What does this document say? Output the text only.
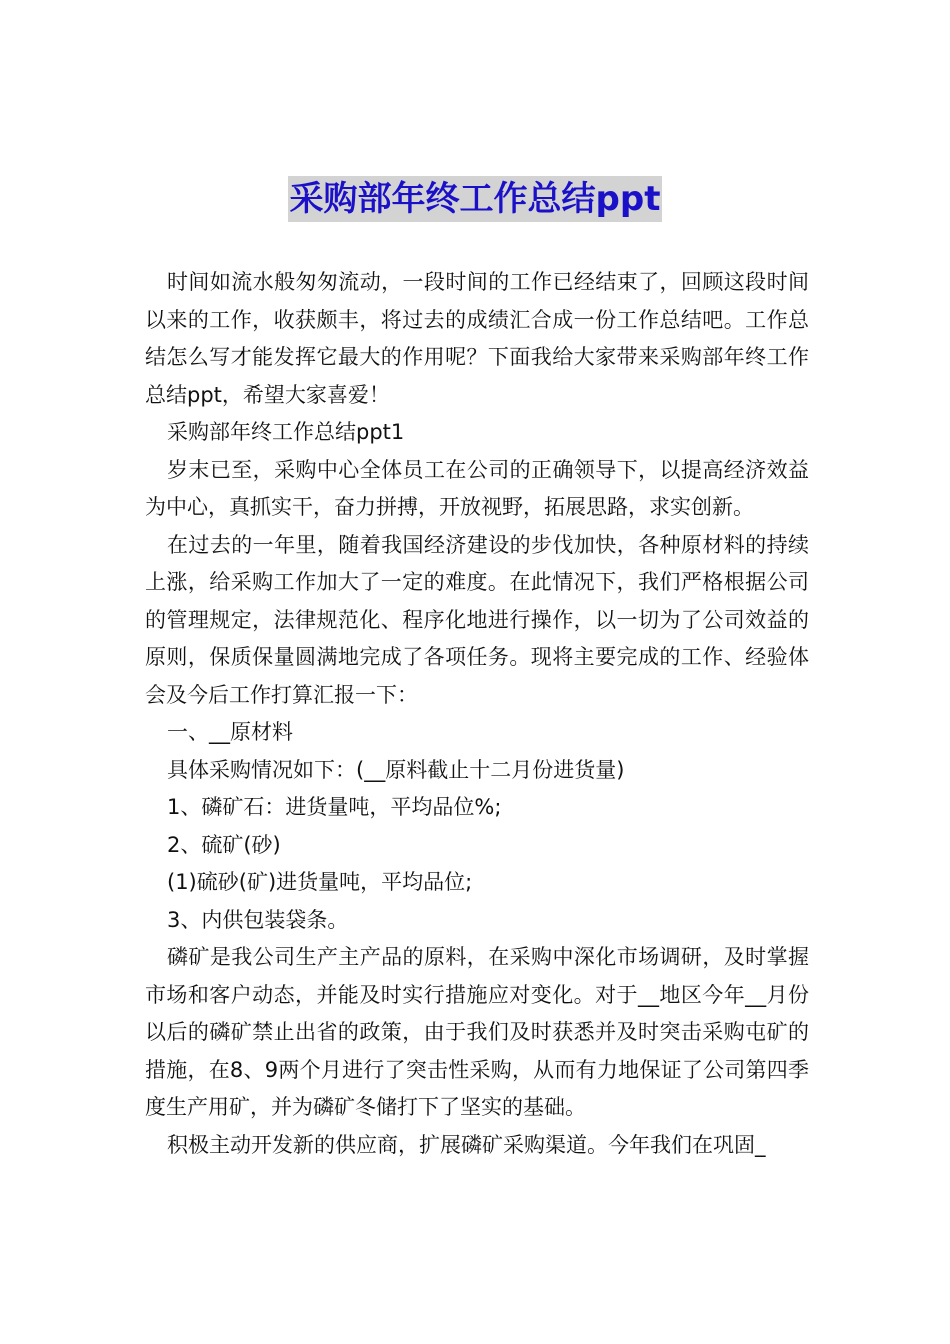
采购部年终工作总结ppt

时间如流水般匆匆流动，一段时间的工作已经结束了，回顾这段时间以来的工作，收获颇丰，将过去的成绩汇合成一份工作总结吧。工作总结怎么写才能发挥它最大的作用呢？下面我给大家带来采购部年终工作总结ppt，希望大家喜爱！

采购部年终工作总结ppt1

岁末已至，采购中心全体员工在公司的正确领导下，以提高经济效益为中心，真抓实干，奋力拼搏，开放视野，拓展思路，求实创新。

在过去的一年里，随着我国经济建设的步伐加快，各种原材料的持续上涨，给采购工作加大了一定的难度。在此情况下，我们严格根据公司的管理规定，法律规范化、程序化地进行操作，以一切为了公司效益的原则，保质保量圆满地完成了各项任务。现将主要完成的工作、经验体会及今后工作打算汇报一下：

一、__原材料

具体采购情况如下：(__原料截止十二月份进货量)

1、磷矿石：进货量吨，平均品位%;

2、硫矿(砂)

(1)硫砂(矿)进货量吨，平均品位;

3、内供包装袋条。

磷矿是我公司生产主产品的原料，在采购中深化市场调研，及时掌握市场和客户动态，并能及时实行措施应对变化。对于__地区今年__月份以后的磷矿禁止出省的政策，由于我们及时获悉并及时突击采购屯矿的措施，在8、9两个月进行了突击性采购，从而有力地保证了公司第四季度生产用矿，并为磷矿冬储打下了坚实的基础。

积极主动开发新的供应商，扩展磷矿采购渠道。今年我们在巩固_
